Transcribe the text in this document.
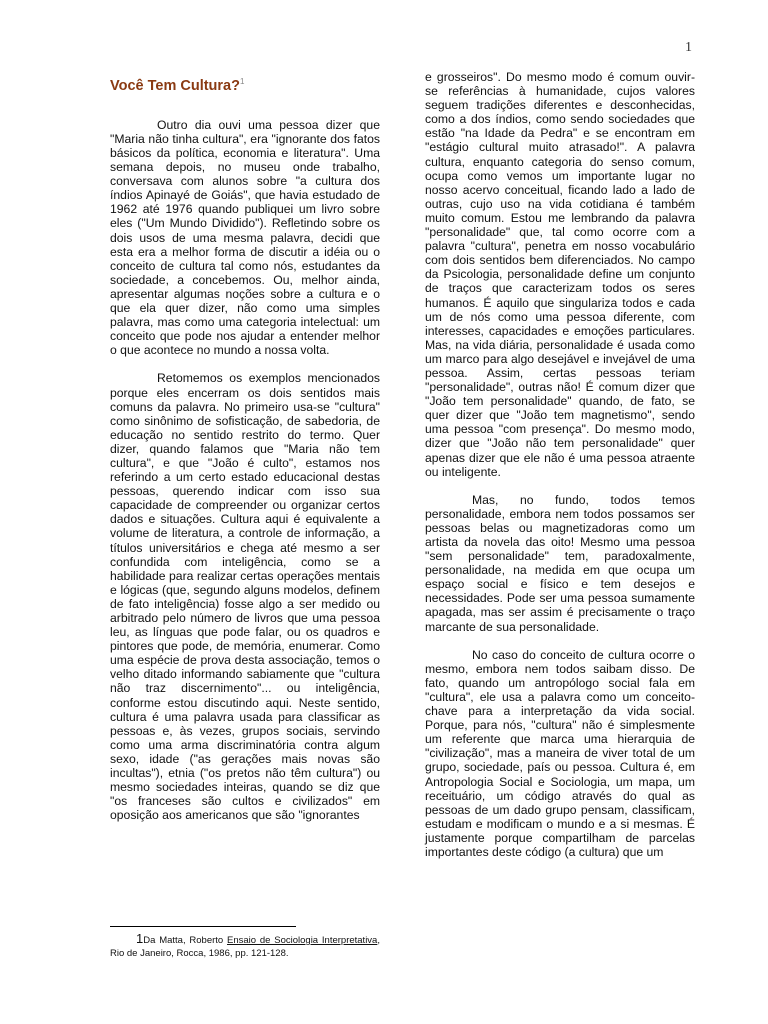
1
Você Tem Cultura?$^1$

Outro dia ouvi uma pessoa dizer que "Maria não tinha cultura", era "ignorante dos fatos básicos da política, economia e literatura". Uma semana depois, no museu onde trabalho, conversava com alunos sobre "a cultura dos índios Apinayé de Goiás", que havia estudado de 1962 até 1976 quando publiquei um livro sobre eles ("Um Mundo Dividido"). Refletindo sobre os dois usos de uma mesma palavra, decidi que esta era a melhor forma de discutir a idéia ou o conceito de cultura tal como nós, estudantes da sociedade, a concebemos. Ou, melhor ainda, apresentar algumas noções sobre a cultura e o que ela quer dizer, não como uma simples palavra, mas como uma categoria intelectual: um conceito que pode nos ajudar a entender melhor o que acontece no mundo a nossa volta.

Retomemos os exemplos mencionados porque eles encerram os dois sentidos mais comuns da palavra. No primeiro usa-se "cultura" como sinônimo de sofisticação, de sabedoria, de educação no sentido restrito do termo. Quer dizer, quando falamos que "Maria não tem cultura", e que "João é culto", estamos nos referindo a um certo estado educacional destas pessoas, querendo indicar com isso sua capacidade de compreender ou organizar certos dados e situações. Cultura aqui é equivalente a volume de literatura, a controle de informação, a títulos universitários e chega até mesmo a ser confundida com inteligência, como se a habilidade para realizar certas operações mentais e lógicas (que, segundo alguns modelos, definem de fato inteligência) fosse algo a ser medido ou arbitrado pelo número de livros que uma pessoa leu, as línguas que pode falar, ou os quadros e pintores que pode, de memória, enumerar. Como uma espécie de prova desta associação, temos o velho ditado informando sabiamente que "cultura não traz discernimento"... ou inteligência, conforme estou discutindo aqui. Neste sentido, cultura é uma palavra usada para classificar as pessoas e, às vezes, grupos sociais, servindo como uma arma discriminatória contra algum sexo, idade ("as gerações mais novas são incultas"), etnia ("os pretos não têm cultura") ou mesmo sociedades inteiras, quando se diz que "os franceses são cultos e civilizados" em oposição aos americanos que são "ignorantes

e grosseiros". Do mesmo modo é comum ouvir-se referências à humanidade, cujos valores seguem tradições diferentes e desconhecidas, como a dos índios, como sendo sociedades que estão "na Idade da Pedra" e se encontram em "estágio cultural muito atrasado!". A palavra cultura, enquanto categoria do senso comum, ocupa como vemos um importante lugar no nosso acervo conceitual, ficando lado a lado de outras, cujo uso na vida cotidiana é também muito comum. Estou me lembrando da palavra "personalidade" que, tal como ocorre com a palavra "cultura", penetra em nosso vocabulário com dois sentidos bem diferenciados. No campo da Psicologia, personalidade define um conjunto de traços que caracterizam todos os seres humanos. É aquilo que singulariza todos e cada um de nós como uma pessoa diferente, com interesses, capacidades e emoções particulares. Mas, na vida diária, personalidade é usada como um marco para algo desejável e invejável de uma pessoa. Assim, certas pessoas teriam "personalidade", outras não! É comum dizer que "João tem personalidade" quando, de fato, se quer dizer que "João tem magnetismo", sendo uma pessoa "com presença". Do mesmo modo, dizer que "João não tem personalidade" quer apenas dizer que ele não é uma pessoa atraente ou inteligente.

Mas, no fundo, todos temos personalidade, embora nem todos possamos ser pessoas belas ou magnetizadoras como um artista da novela das oito! Mesmo uma pessoa "sem personalidade" tem, paradoxalmente, personalidade, na medida em que ocupa um espaço social e físico e tem desejos e necessidades. Pode ser uma pessoa sumamente apagada, mas ser assim é precisamente o traço marcante de sua personalidade.

No caso do conceito de cultura ocorre o mesmo, embora nem todos saibam disso. De fato, quando um antropólogo social fala em "cultura", ele usa a palavra como um conceito-chave para a interpretação da vida social. Porque, para nós, "cultura" não é simplesmente um referente que marca uma hierarquia de "civilização", mas a maneira de viver total de um grupo, sociedade, país ou pessoa. Cultura é, em Antropologia Social e Sociologia, um mapa, um receituário, um código através do qual as pessoas de um dado grupo pensam, classificam, estudam e modificam o mundo e a si mesmas. É justamente porque compartilham de parcelas importantes deste código (a cultura) que um

1Da Matta, Roberto Ensaio de Sociologia Interpretativa, Rio de Janeiro, Rocca, 1986, pp. 121-128.
